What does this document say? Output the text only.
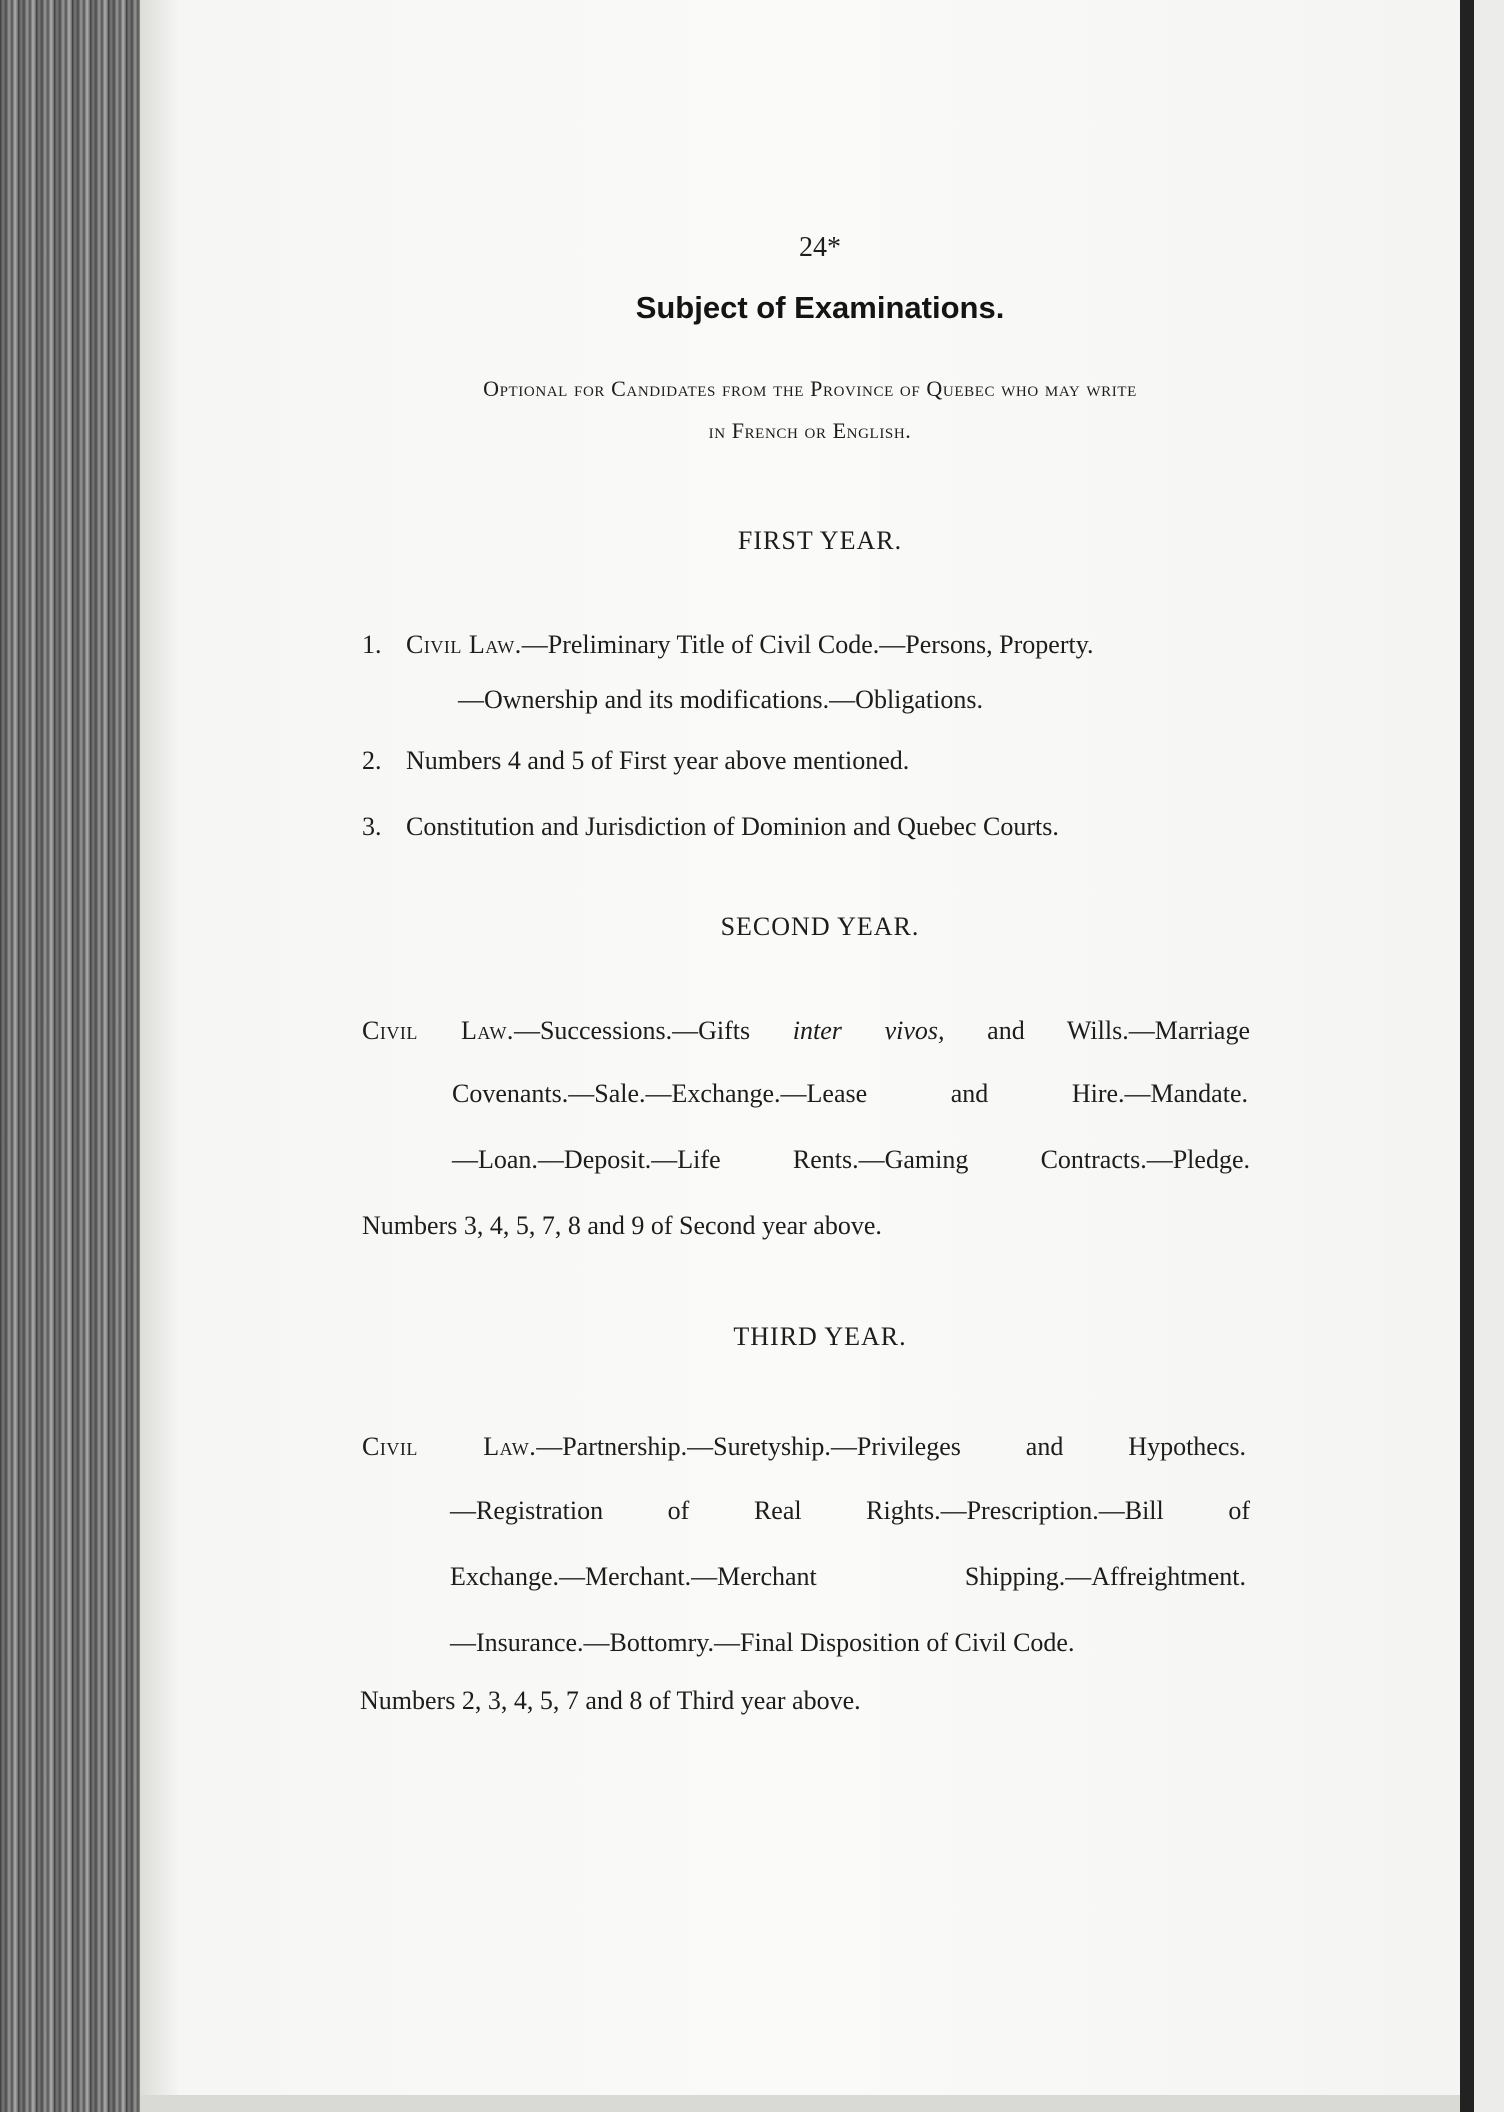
24*
Subject of Examinations.
Optional for Candidates from the Province of Quebec who may write
in French or English.
FIRST YEAR.
1. Civil Law.—Preliminary Title of Civil Code.—Persons, Property.
—Ownership and its modifications.—Obligations.
2. Numbers 4 and 5 of First year above mentioned.
3. Constitution and Jurisdiction of Dominion and Quebec Courts.
SECOND YEAR.
Civil Law.—Successions.—Gifts inter vivos, and Wills.—Marriage
Covenants.—Sale.—Exchange.—Lease and Hire.—Mandate.
—Loan.—Deposit.—Life Rents.—Gaming Contracts.—Pledge.
Numbers 3, 4, 5, 7, 8 and 9 of Second year above.
THIRD YEAR.
Civil Law.—Partnership.—Suretyship.—Privileges and Hypothecs.
—Registration of Real Rights.—Prescription.—Bill of
Exchange.—Merchant.—Merchant Shipping.—Affreightment.
—Insurance.—Bottomry.—Final Disposition of Civil Code.
Numbers 2, 3, 4, 5, 7 and 8 of Third year above.
